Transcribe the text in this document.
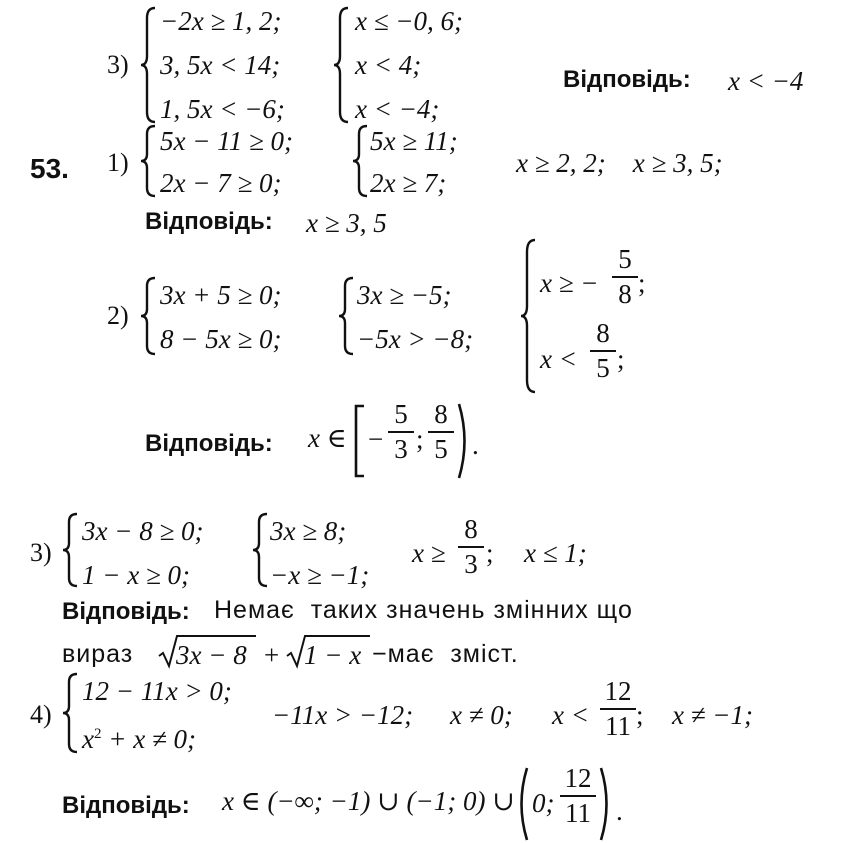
3)
−2x ≥ 1, 2;
3, 5x < 14;
1, 5x < −6;
x ≤ −0, 6;
x < 4;
x < −4;
Відповідь: x < −4
53. 1)
5x − 11 ≥ 0;
2x − 7 ≥ 0;
5x ≥ 11;
2x ≥ 7;
x ≥ 2, 2;    x ≥ 3, 5;
Відповідь: x ≥ 3, 5
2)
3x + 5 ≥ 0;
8 − 5x ≥ 0;
3x ≥ −5;
−5x > −8;
x ≥ −
5
8 ;
x <
8
5 ;
Відповідь: x ∈ −
5
3 ;
8
5 .
3)
3x − 8 ≥ 0;
1 − x ≥ 0;
3x ≥ 8;
−x ≥ −1;
x ≥
8
3 ; x ≤ 1;
Відповідь: Немає  таких значень змінних що
вираз 3x − 8 + 1 − x −має  зміст.
4)
12 − 11x > 0;
$x^2 + x \ne 0$;
−11x > −12; x ≠ 0; x <
12
11 ; x ≠ −1;
Відповідь: x ∈ (−∞; −1) ∪ (−1; 0) ∪ 0;
12
11 .
